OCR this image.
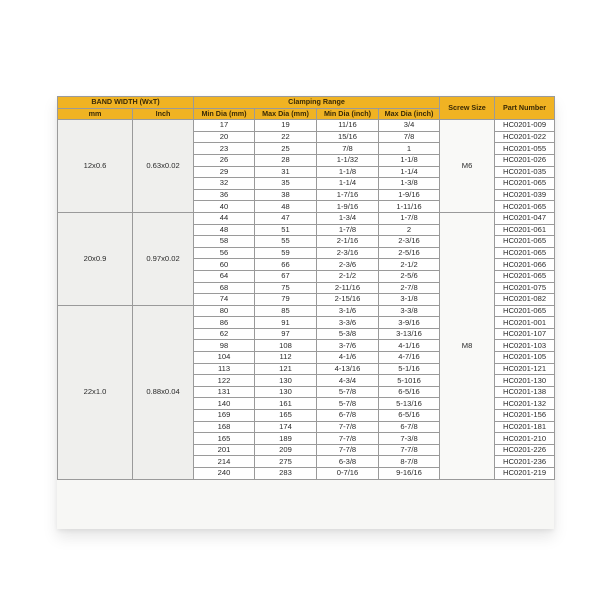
BAND WIDTH (WxT)		Clamping Range				Screw Size	Part Number
mm	Inch	Min Dia (mm)	Max Dia (mm)	Min Dia (inch)	Max Dia (inch)		
12x0.6	0.63x0.02	17	19	11/16	3/4	M6	HC0201-009
		20	22	15/16	7/8		HC0201-022
		23	25	7/8	1		HC0201-055
		26	28	1-1/32	1-1/8		HC0201-026
		29	31	1-1/8	1-1/4		HC0201-035
		32	35	1-1/4	1-3/8		HC0201-065
		36	38	1-7/16	1-9/16		HC0201-039
		40	48	1-9/16	1-11/16		HC0201-065
20x0.9	0.97x0.02	44	47	1-3/4	1-7/8	M8	HC0201-047
		48	51	1-7/8	2		HC0201-061
		58	55	2-1/16	2-3/16		HC0201-065
		56	59	2-3/16	2-5/16		HC0201-065
		60	66	2-3/6	2-1/2		HC0201-066
		64	67	2-1/2	2-5/6		HC0201-065
		68	75	2-11/16	2-7/8		HC0201-075
		74	79	2-15/16	3-1/8		HC0201-082
22x1.0	0.88x0.04	80	85	3-1/6	3-3/8		HC0201-065
		86	91	3-3/6	3-9/16		HC0201-001
		62	97	5-3/8	3-13/16		HC0201-107
		98	108	3-7/6	4-1/16		HC0201-103
		104	112	4-1/6	4-7/16		HC0201-105
		113	121	4-13/16	5-1/16		HC0201-121
		122	130	4-3/4	5-1016		HC0201-130
		131	130	5-7/8	6-5/16		HC0201-138
		140	161	5-7/8	5-13/16		HC0201-132
		169	165	6-7/8	6-5/16		HC0201-156
		168	174	7-7/8	6-7/8		HC0201-181
		165	189	7-7/8	7-3/8		HC0201-210
		201	209	7-7/8	7-7/8		HC0201-226
		214	275	6-3/8	8-7/8		HC0201-236
		240	283	0-7/16	9-16/16		HC0201-219
